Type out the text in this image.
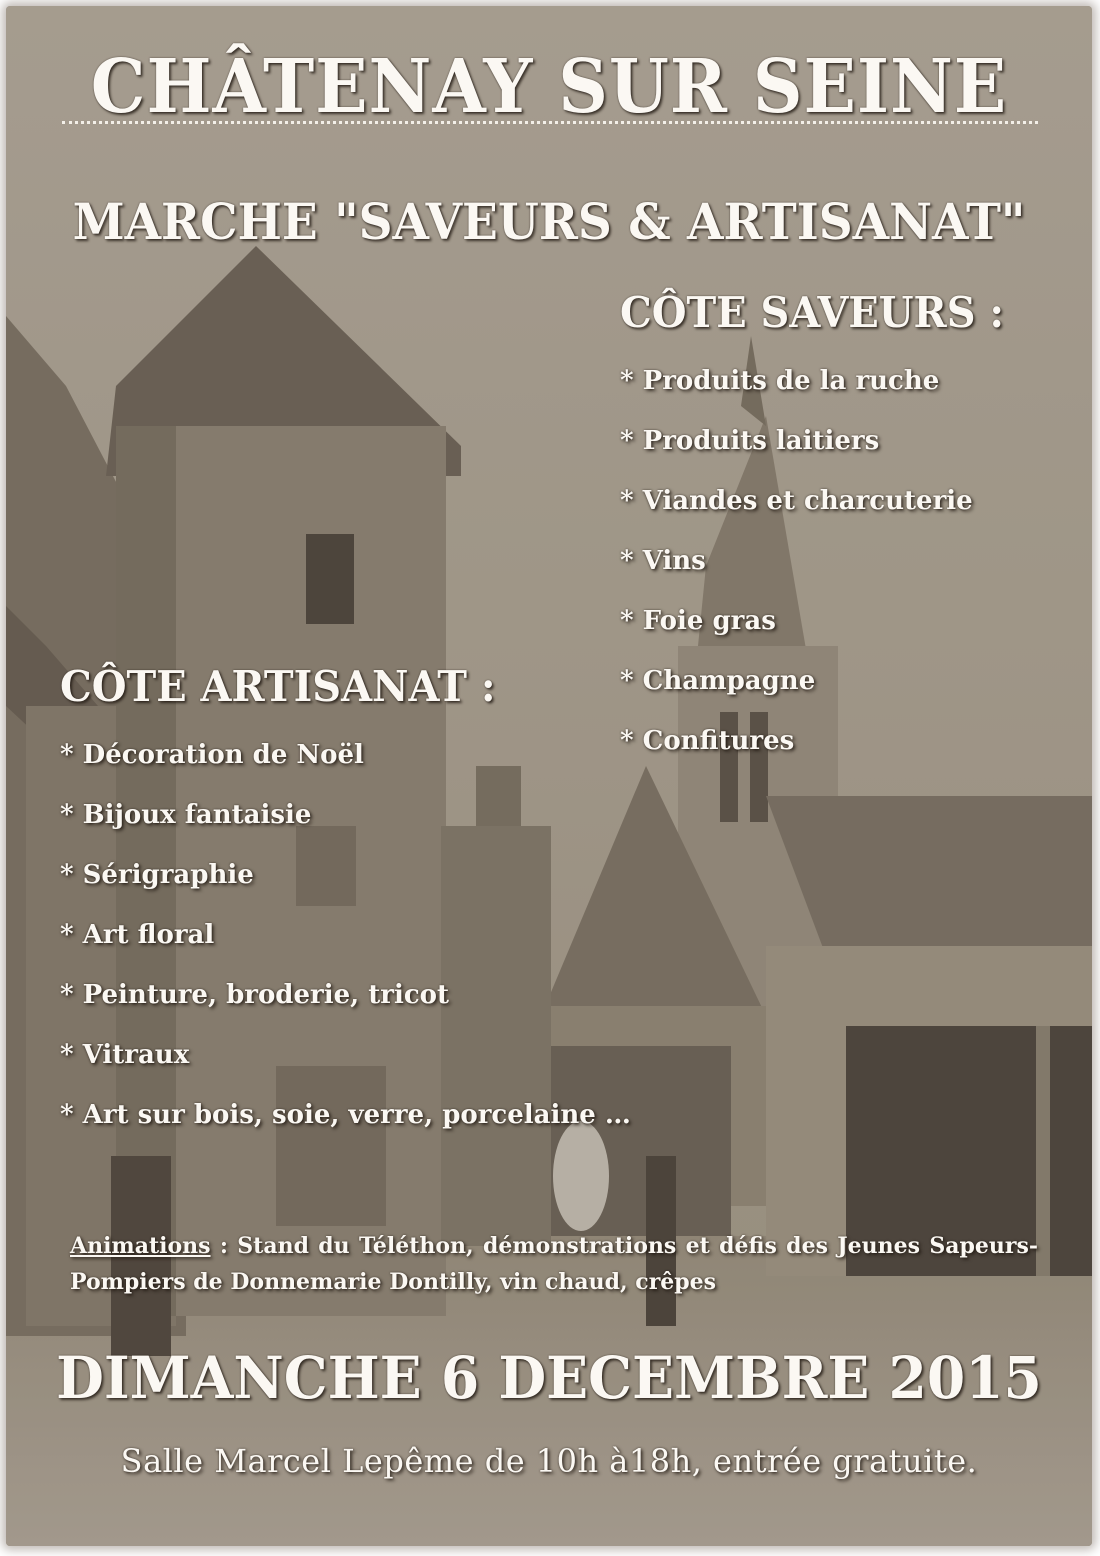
CHÂTENAY SUR SEINE
MARCHE "SAVEURS & ARTISANAT"
CÔTE SAVEURS :
* Produits de la ruche
* Produits laitiers
* Viandes et charcuterie
* Vins
* Foie gras
* Champagne
* Confitures
CÔTE ARTISANAT :
* Décoration de Noël
* Bijoux fantaisie
* Sérigraphie
* Art floral
* Peinture, broderie, tricot
* Vitraux
* Art sur bois, soie, verre, porcelaine …
Animations : Stand du Téléthon, démonstrations et défis des Jeunes Sapeurs-Pompiers de Donnemarie Dontilly, vin chaud, crêpes
DIMANCHE 6 DECEMBRE 2015
Salle Marcel Lepême de 10h à18h, entrée gratuite.
